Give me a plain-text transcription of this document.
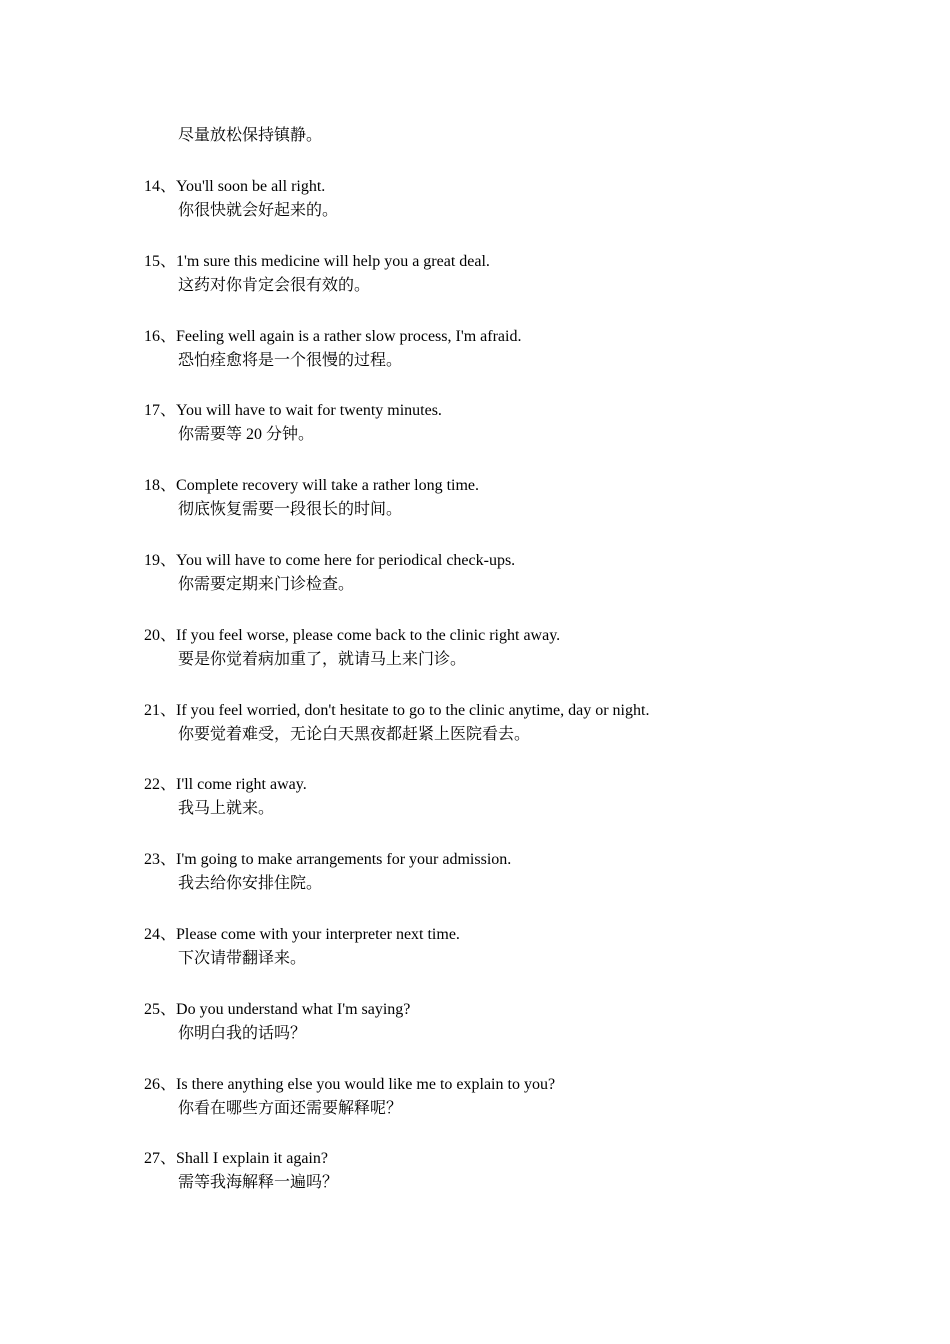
尽量放松保持镇静。
14、You'll soon be all right.
你很快就会好起来的。
15、1'm sure this medicine will help you a great deal.
这药对你肯定会很有效的。
16、Feeling well again is a rather slow process, I'm afraid.
恐怕痊愈将是一个很慢的过程。
17、You will have to wait for twenty minutes.
你需要等 20 分钟。
18、Complete recovery will take a rather long time.
彻底恢复需要一段很长的时间。
19、You will have to come here for periodical check-ups.
你需要定期来门诊检查。
20、If you feel worse, please come back to the clinic right away.
要是你觉着病加重了，就请马上来门诊。
21、If you feel worried, don't hesitate to go to the clinic anytime, day or night.
你要觉着难受，无论白天黑夜都赶紧上医院看去。
22、I'll come right away.
我马上就来。
23、I'm going to make arrangements for your admission.
我去给你安排住院。
24、Please come with your interpreter next time.
下次请带翻译来。
25、Do you understand what I'm saying?
你明白我的话吗？
26、Is there anything else you would like me to explain to you?
你看在哪些方面还需要解释呢？
27、Shall I explain it again?
需等我海解释一遍吗？
